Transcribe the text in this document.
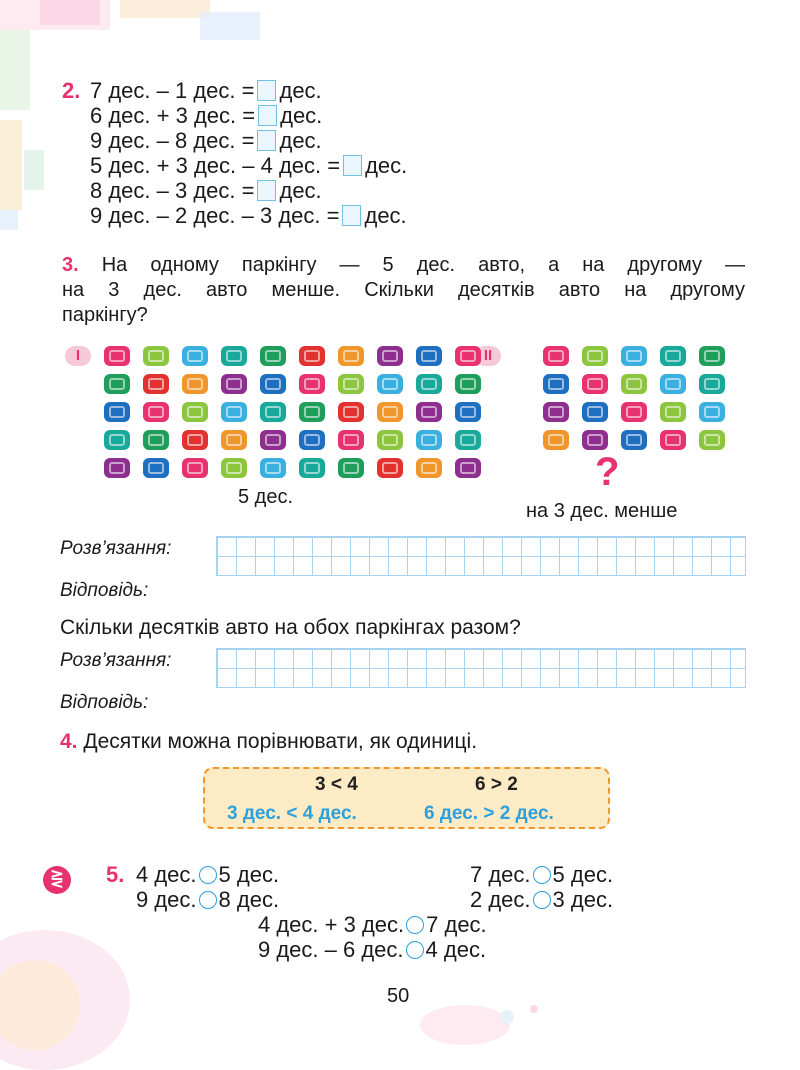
2. 7 дес. – 1 дес. = дес.
6 дес. + 3 дес. = дес.
9 дес. – 8 дес. = дес.
5 дес. + 3 дес. – 4 дес. = дес.
8 дес. – 3 дес. = дес.
9 дес. – 2 дес. – 3 дес. = дес.
3. На одному паркінгу — 5 дес. авто, а на другому —
на 3 дес. авто менше. Скільки десятків авто на другому
паркінгу?
I	II
5 дес.
?
на 3 дес. менше
Розв’язання:
Відповідь:
Скільки десятків авто на обох паркінгах разом?
Розв’язання:
Відповідь:
4. Десятки можна порівнювати, як одиниці.
3 < 4	6 > 2
3 дес. < 4 дес.	6 дес. > 2 дес.
⋛	5. 4 дес. 5 дес.	7 дес. 5 дес.
9 дес. 8 дес.	2 дес. 3 дес.
4 дес. + 3 дес. 7 дес.
9 дес. – 6 дес. 4 дес.
50
